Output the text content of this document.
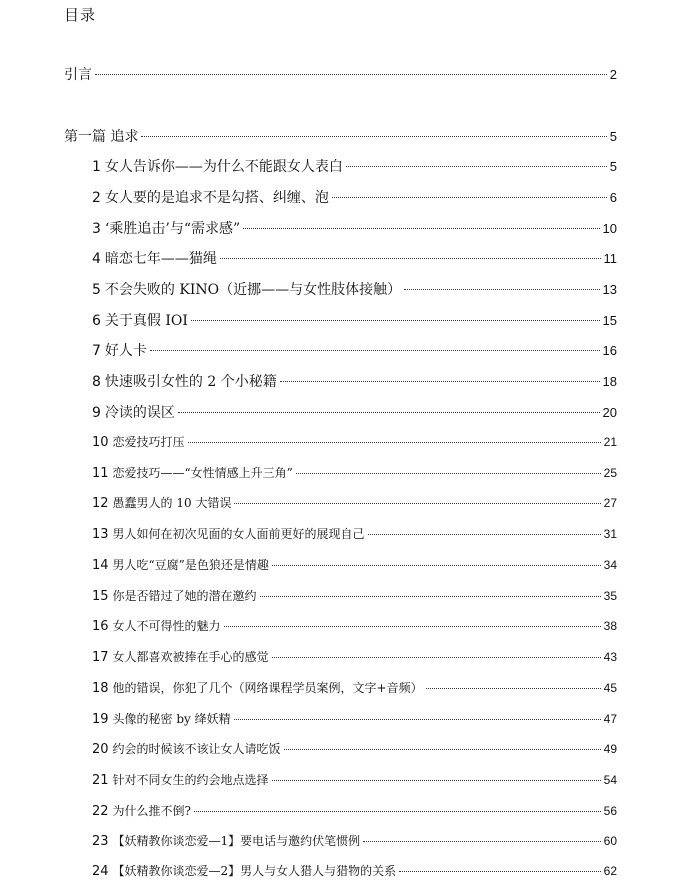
目录
引言	2
第一篇 追求	5
1 女人告诉你——为什么不能跟女人表白	5
2 女人要的是追求不是勾搭、纠缠、泡	6
3 ‘乘胜追击’与“需求感”	10
4 暗恋七年——猫绳	11
5 不会失败的 KINO（近挪——与女性肢体接触）	13
6 关于真假 IOI	15
7 好人卡	16
8 快速吸引女性的 2 个小秘籍	18
9 冷读的误区	20
10 恋爱技巧打压	21
11 恋爱技巧——“女性情感上升三角”	25
12 愚蠢男人的 10 大错误	27
13 男人如何在初次见面的女人面前更好的展现自己	31
14 男人吃“豆腐”是色狼还是情趣	34
15 你是否错过了她的潜在邀约	35
16 女人不可得性的魅力	38
17 女人都喜欢被捧在手心的感觉	43
18 他的错误，你犯了几个（网络课程学员案例，文字+音频）	45
19 头像的秘密 by 绛妖精	47
20 约会的时候该不该让女人请吃饭	49
21 针对不同女生的约会地点选择	54
22 为什么推不倒?	56
23 【妖精教你谈恋爱—1】要电话与邀约伏笔惯例	60
24 【妖精教你谈恋爱—2】男人与女人猎人与猎物的关系	62
